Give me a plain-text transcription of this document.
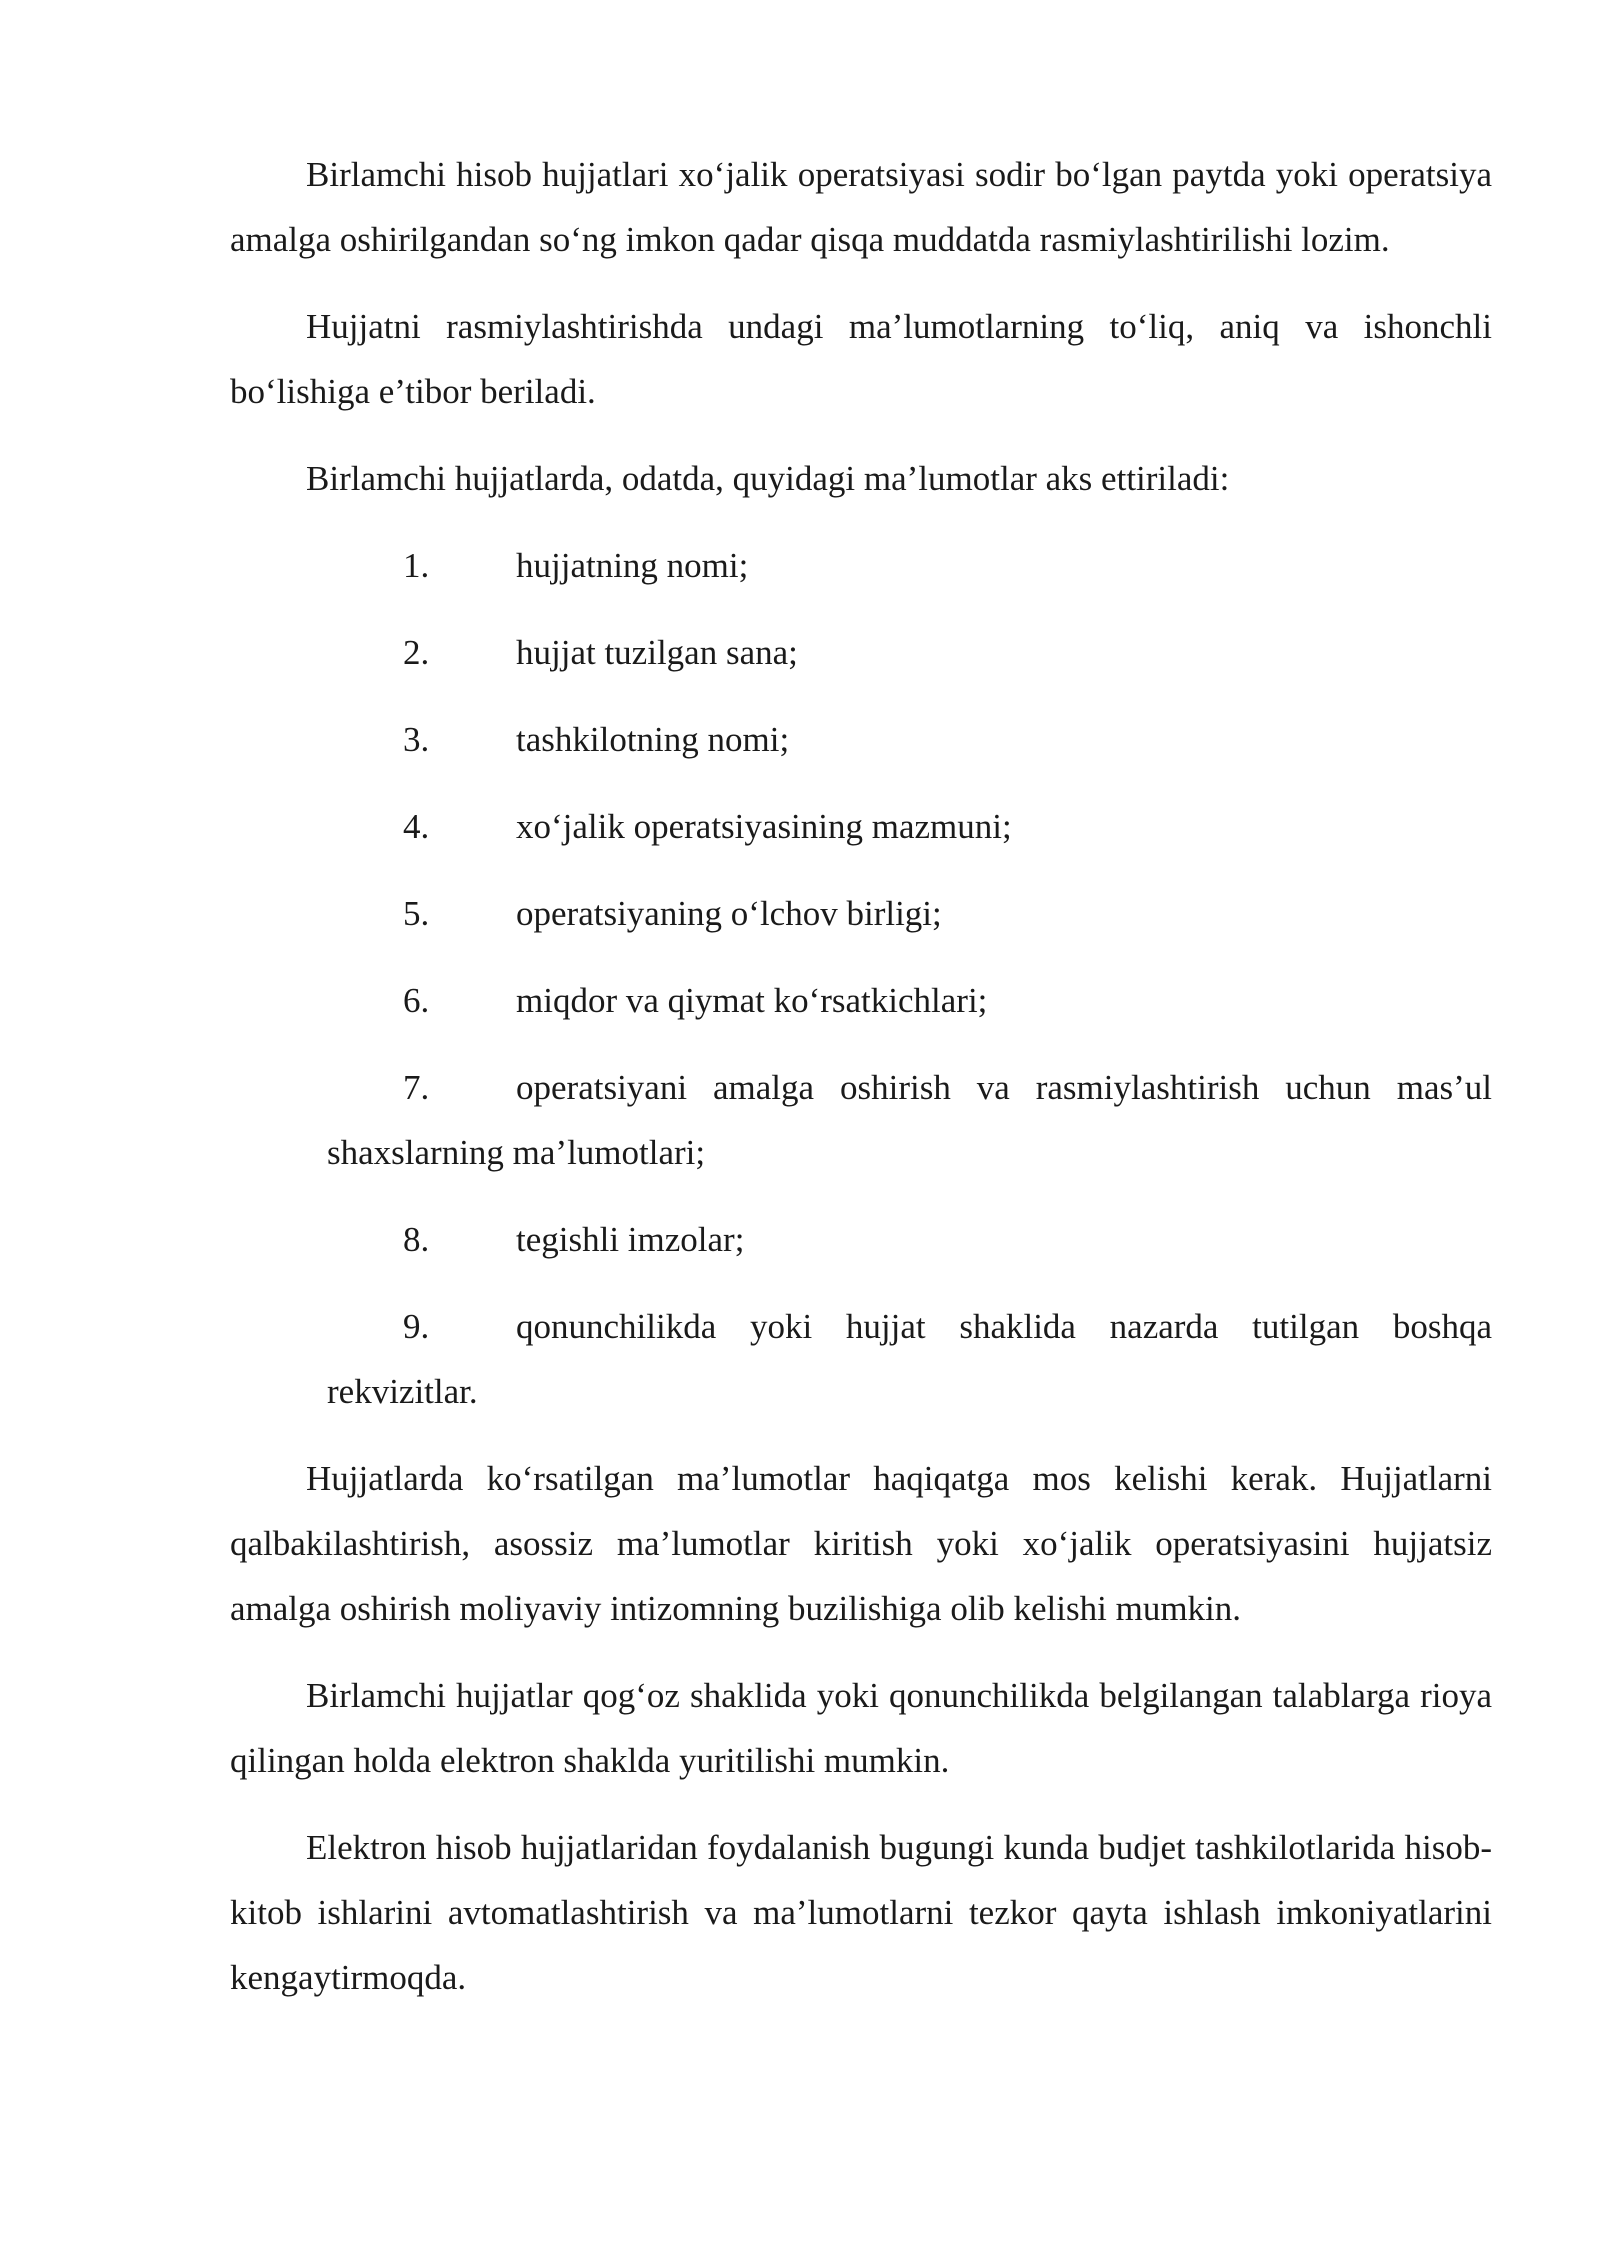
Birlamchi hisob hujjatlari xo‘jalik operatsiyasi sodir bo‘lgan paytda yoki operatsiya amalga oshirilgandan so‘ng imkon qadar qisqa muddatda rasmiylashtirilishi lozim.

Hujjatni rasmiylashtirishda undagi ma’lumotlarning to‘liq, aniq va ishonchli bo‘lishiga e’tibor beriladi.

Birlamchi hujjatlarda, odatda, quyidagi ma’lumotlar aks ettiriladi:

1. hujjatning nomi;
2. hujjat tuzilgan sana;
3. tashkilotning nomi;
4. xo‘jalik operatsiyasining mazmuni;
5. operatsiyaning o‘lchov birligi;
6. miqdor va qiymat ko‘rsatkichlari;
7. operatsiyani amalga oshirish va rasmiylashtirish uchun mas’ul shaxslarning ma’lumotlari;
8. tegishli imzolar;
9. qonunchilikda yoki hujjat shaklida nazarda tutilgan boshqa rekvizitlar.

Hujjatlarda ko‘rsatilgan ma’lumotlar haqiqatga mos kelishi kerak. Hujjatlarni qalbakilashtirish, asossiz ma’lumotlar kiritish yoki xo‘jalik operatsiyasini hujjatsiz amalga oshirish moliyaviy intizomning buzilishiga olib kelishi mumkin.

Birlamchi hujjatlar qog‘oz shaklida yoki qonunchilikda belgilangan talablarga rioya qilingan holda elektron shaklda yuritilishi mumkin.

Elektron hisob hujjatlaridan foydalanish bugungi kunda budjet tashkilotlarida hisob-kitob ishlarini avtomatlashtirish va ma’lumotlarni tezkor qayta ishlash imkoniyatlarini kengaytirmoqda.
